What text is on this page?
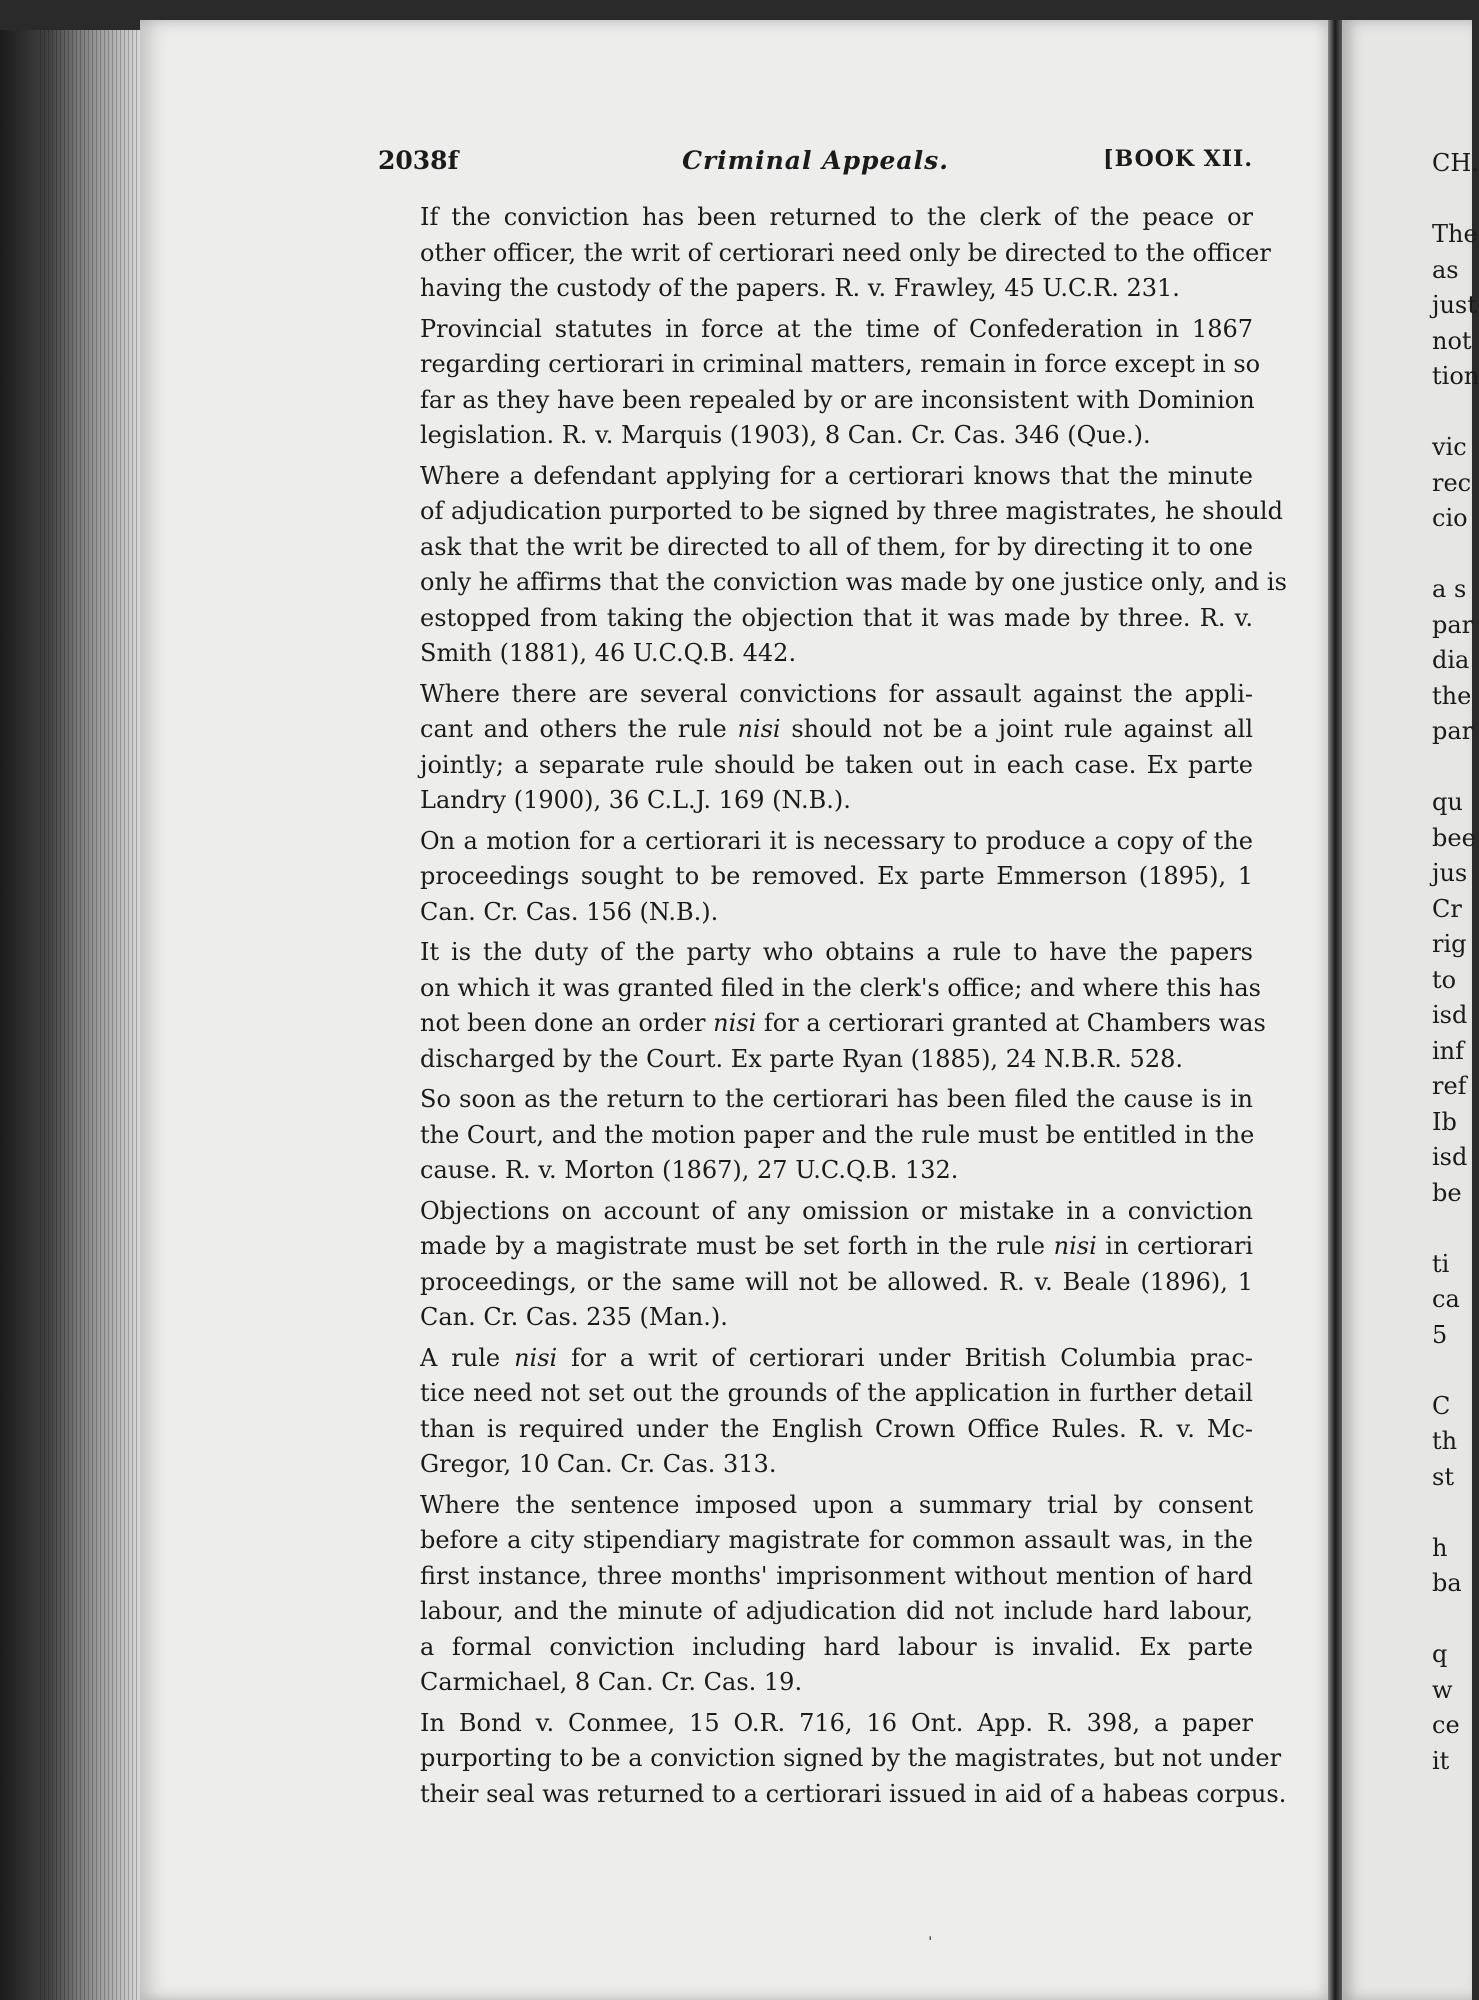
2038f	Criminal Appeals.	[BOOK XII.
If the conviction has been returned to the clerk of the peace or
other officer, the writ of certiorari need only be directed to the officer
having the custody of the papers. R. v. Frawley, 45 U.C.R. 231.
Provincial statutes in force at the time of Confederation in 1867
regarding certiorari in criminal matters, remain in force except in so
far as they have been repealed by or are inconsistent with Dominion
legislation. R. v. Marquis (1903), 8 Can. Cr. Cas. 346 (Que.).
Where a defendant applying for a certiorari knows that the minute
of adjudication purported to be signed by three magistrates, he should
ask that the writ be directed to all of them, for by directing it to one
only he affirms that the conviction was made by one justice only, and is
estopped from taking the objection that it was made by three. R. v.
Smith (1881), 46 U.C.Q.B. 442.
Where there are several convictions for assault against the appli-
cant and others the rule nisi should not be a joint rule against all
jointly; a separate rule should be taken out in each case. Ex parte
Landry (1900), 36 C.L.J. 169 (N.B.).
On a motion for a certiorari it is necessary to produce a copy of the
proceedings sought to be removed. Ex parte Emmerson (1895), 1
Can. Cr. Cas. 156 (N.B.).
It is the duty of the party who obtains a rule to have the papers
on which it was granted filed in the clerk's office; and where this has
not been done an order nisi for a certiorari granted at Chambers was
discharged by the Court. Ex parte Ryan (1885), 24 N.B.R. 528.
So soon as the return to the certiorari has been filed the cause is in
the Court, and the motion paper and the rule must be entitled in the
cause. R. v. Morton (1867), 27 U.C.Q.B. 132.
Objections on account of any omission or mistake in a conviction
made by a magistrate must be set forth in the rule nisi in certiorari
proceedings, or the same will not be allowed. R. v. Beale (1896), 1
Can. Cr. Cas. 235 (Man.).
A rule nisi for a writ of certiorari under British Columbia prac-
tice need not set out the grounds of the application in further detail
than is required under the English Crown Office Rules. R. v. Mc-
Gregor, 10 Can. Cr. Cas. 313.
Where the sentence imposed upon a summary trial by consent
before a city stipendiary magistrate for common assault was, in the
first instance, three months' imprisonment without mention of hard
labour, and the minute of adjudication did not include hard labour,
a formal conviction including hard labour is invalid. Ex parte
Carmichael, 8 Can. Cr. Cas. 19.
In Bond v. Conmee, 15 O.R. 716, 16 Ont. App. R. 398, a paper
purporting to be a conviction signed by the magistrates, but not under
their seal was returned to a certiorari issued in aid of a habeas corpus.
CH.
The
as
just
not
tion
vic
rec
cio
a s
par
dia
the
par
qu
bee
jus
Cr
rig
to
isd
inf
ref
Ib
isd
be
ti
ca
5
C
th
st
h
ba
q
w
ce
it
ˌ
